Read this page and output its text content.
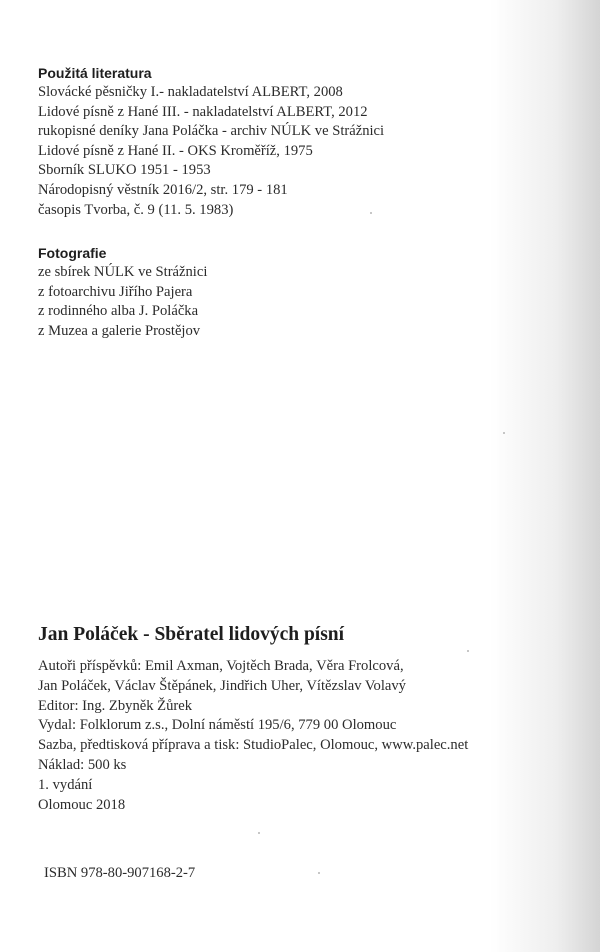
Použitá literatura
Slovácké pěsničky I.- nakladatelství ALBERT, 2008
Lidové písně z Hané III. - nakladatelství ALBERT, 2012
rukopisné deníky Jana Poláčka - archiv NÚLK ve Strážnici
Lidové písně z Hané II. - OKS Kroměříž, 1975
Sborník SLUKO 1951 - 1953
Národopisný věstník 2016/2, str. 179 - 181
časopis Tvorba, č. 9 (11. 5. 1983)
Fotografie
ze sbírek NÚLK ve Strážnici
z fotoarchivu Jiřího Pajera
z rodinného alba J. Poláčka
z Muzea a galerie Prostějov
Jan Poláček - Sběratel lidových písní
Autoři příspěvků: Emil Axman, Vojtěch Brada, Věra Frolcová,
Jan Poláček, Václav Štěpánek, Jindřich Uher, Vítězslav Volavý
Editor: Ing. Zbyněk Žůrek
Vydal: Folklorum z.s., Dolní náměstí 195/6, 779 00 Olomouc
Sazba, předtisková příprava a tisk: StudioPalec, Olomouc, www.palec.net
Náklad: 500 ks
1. vydání
Olomouc 2018
ISBN 978-80-907168-2-7
